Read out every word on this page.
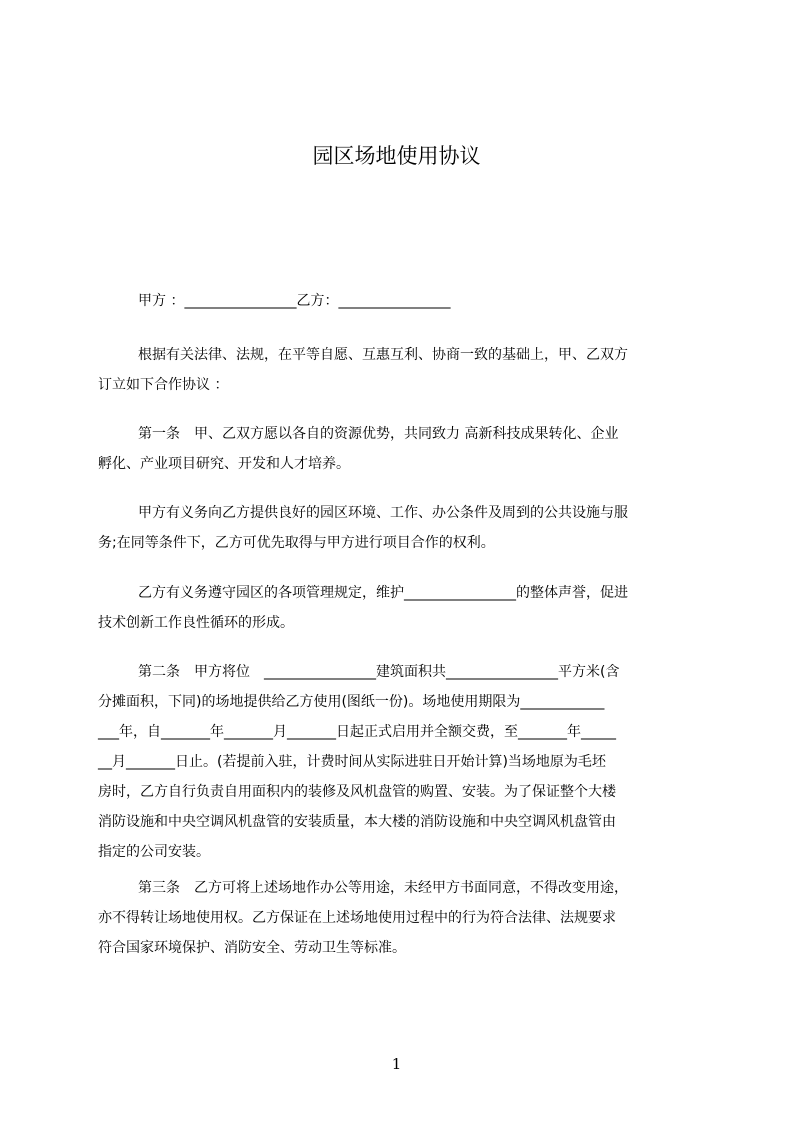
园区场地使用协议
甲方 ：________________乙方：________________
根据有关法律、法规，在平等自愿、互惠互利、协商一致的基础上，甲、乙双方
订立如下合作协议 ：
第一条　甲、乙双方愿以各自的资源优势，共同致力 高新科技成果转化、企业
孵化、产业项目研究、开发和人才培养。
甲方有义务向乙方提供良好的园区环境、工作、办公条件及周到的公共设施与服
务;在同等条件下，乙方可优先取得与甲方进行项目合作的权利。
乙方有义务遵守园区的各项管理规定，维护________________的整体声誉，促进
技术创新工作良性循环的形成。
第二条　甲方将位　________________建筑面积共________________平方米(含
分摊面积，下同)的场地提供给乙方使用(图纸一份)。场地使用期限为____________
___年，自_______年_______月_______日起正式启用并全额交费，至_______年_____
__月_______日止。(若提前入驻，计费时间从实际进驻日开始计算)当场地原为毛坯
房时，乙方自行负责自用面积内的装修及风机盘管的购置、安装。为了保证整个大楼
消防设施和中央空调风机盘管的安装质量，本大楼的消防设施和中央空调风机盘管由
指定的公司安装。
第三条　乙方可将上述场地作办公等用途，未经甲方书面同意，不得改变用途，
亦不得转让场地使用权。乙方保证在上述场地使用过程中的行为符合法律、法规要求
符合国家环境保护、消防安全、劳动卫生等标准。
1
